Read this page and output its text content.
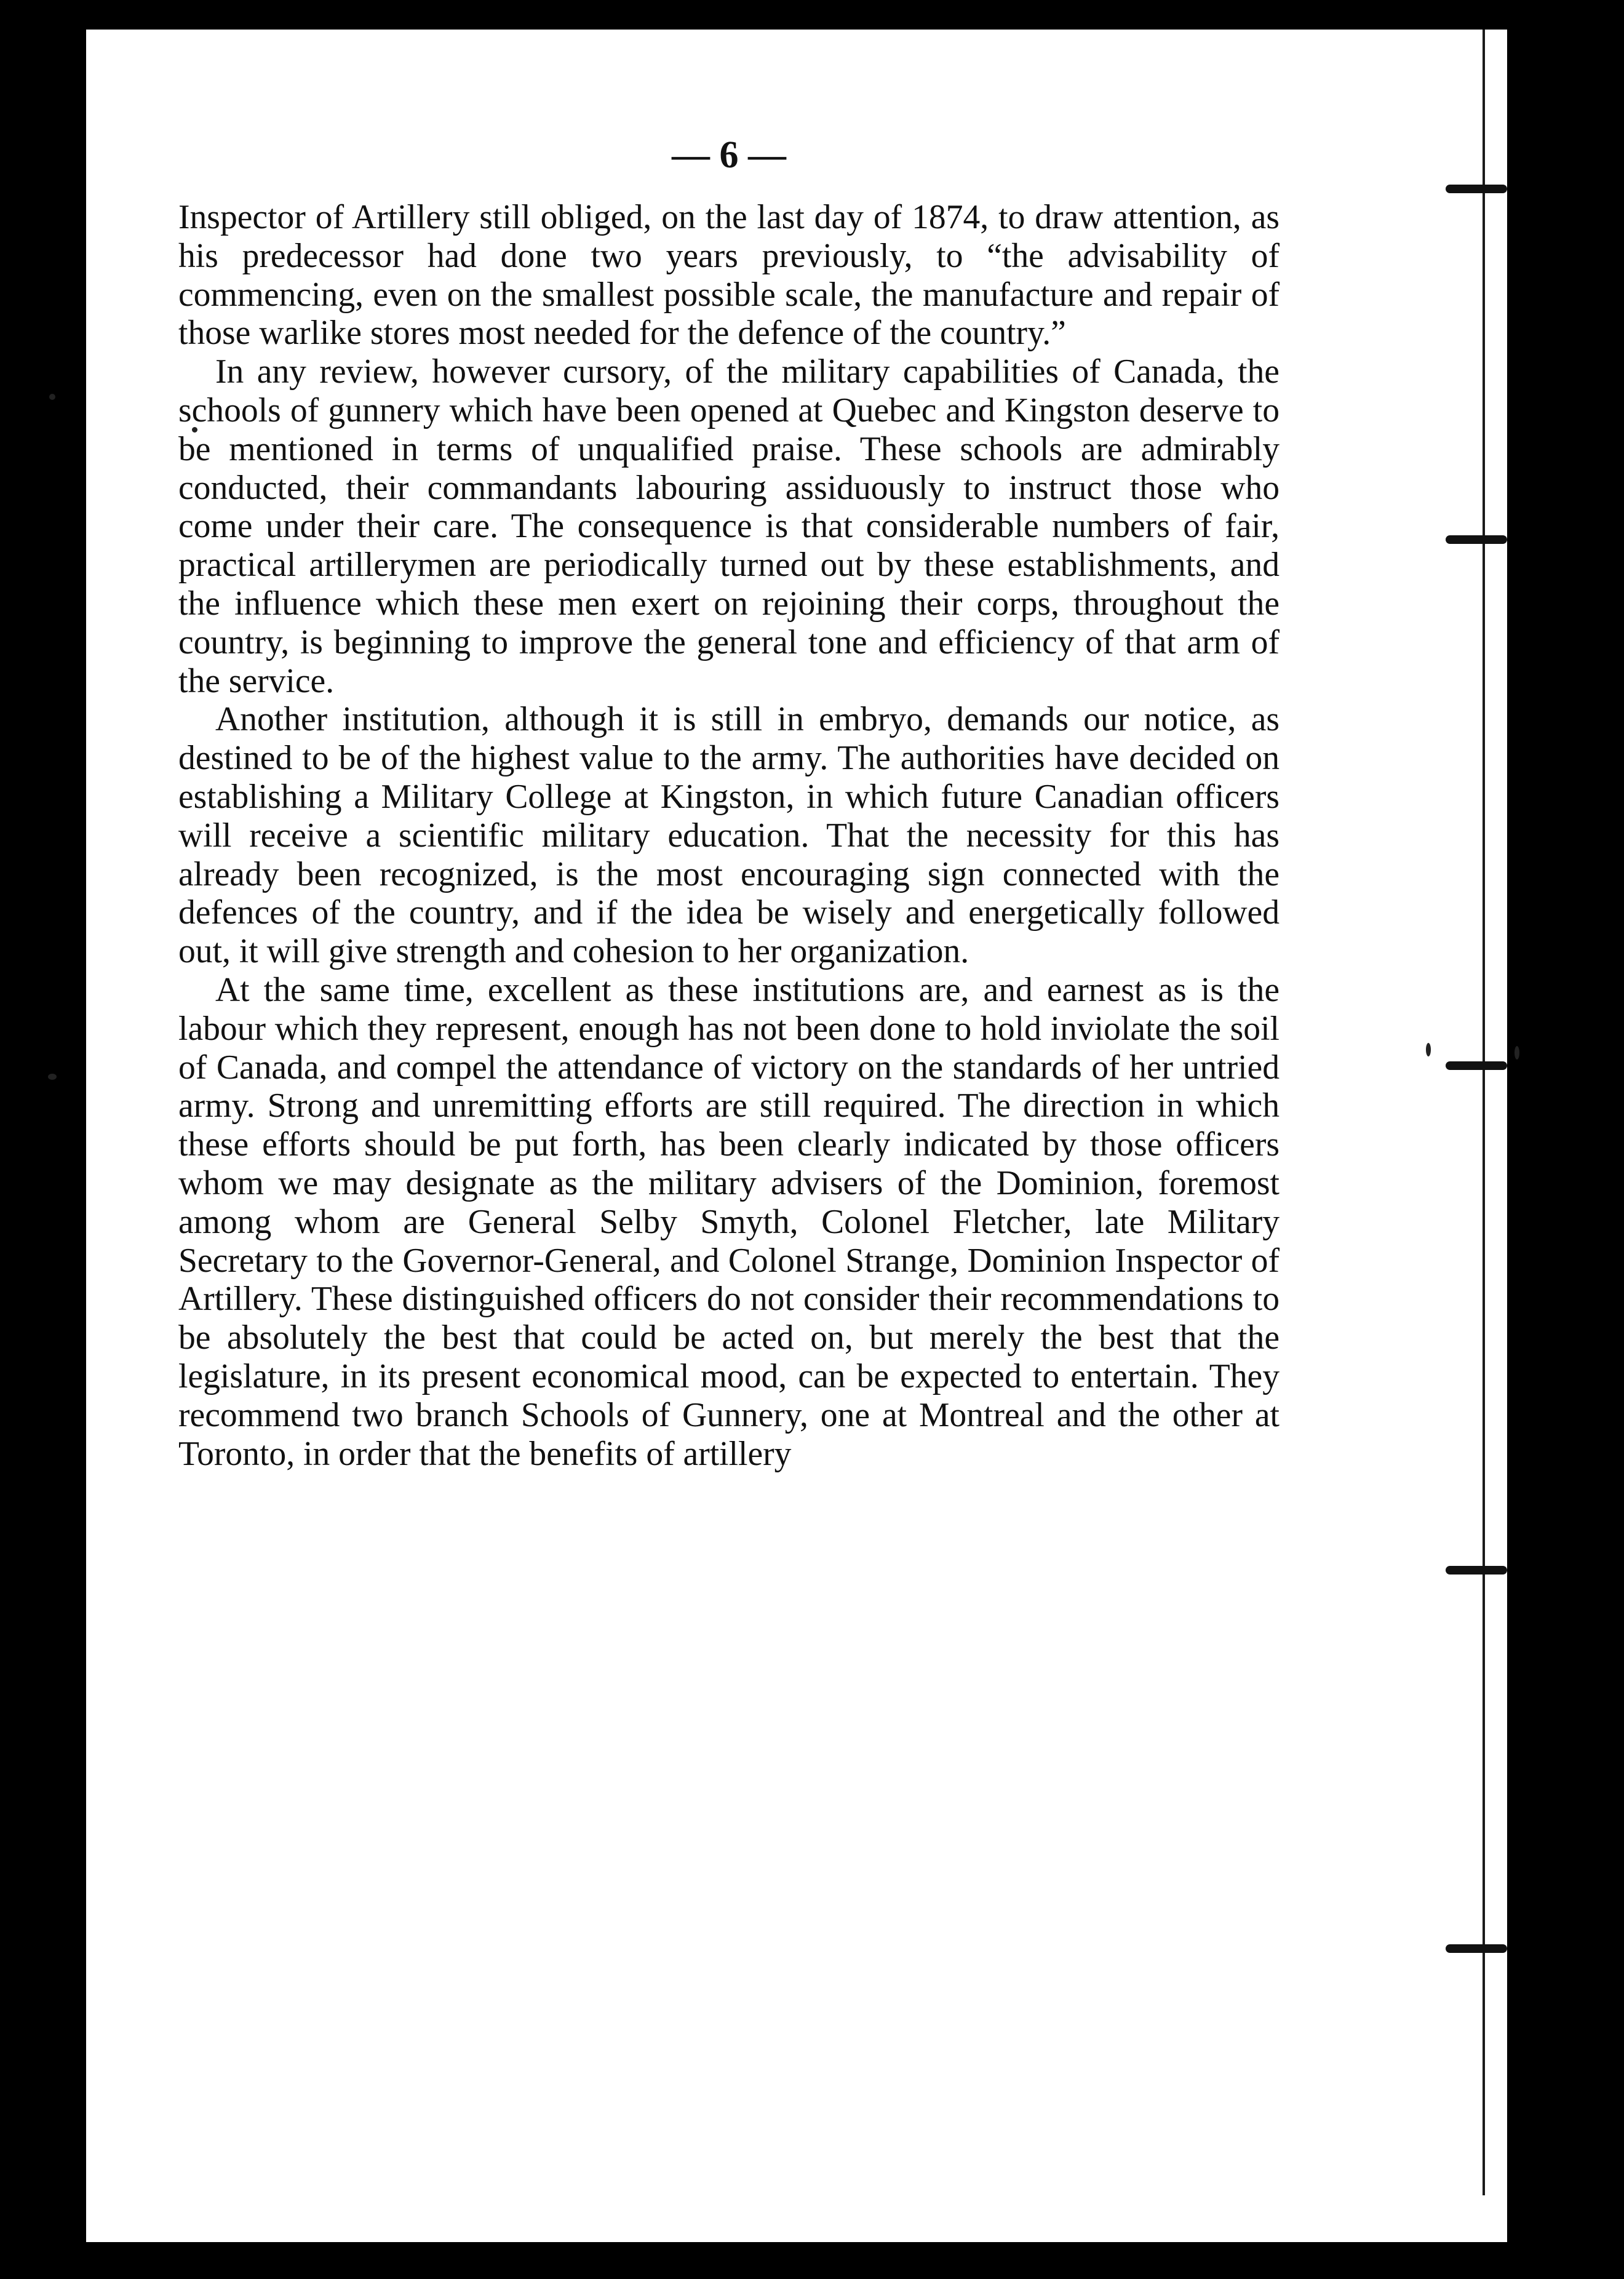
— 6 —

Inspector of Artillery still obliged, on the last day of 1874, to draw attention, as his predecessor had done two years previously, to “the advisability of commencing, even on the smallest possible scale, the manufacture and repair of those warlike stores most needed for the defence of the country.”

In any review, however cursory, of the military capabilities of Canada, the schools of gunnery which have been opened at Quebec and Kingston deserve to be mentioned in terms of unqualified praise. These schools are admirably conducted, their commandants labouring assiduously to instruct those who come under their care. The consequence is that considerable numbers of fair, practical artillerymen are periodically turned out by these establishments, and the influence which these men exert on rejoining their corps, throughout the country, is beginning to improve the general tone and efficiency of that arm of the service.

Another institution, although it is still in embryo, demands our notice, as destined to be of the highest value to the army. The authorities have decided on establishing a Military College at Kingston, in which future Canadian officers will receive a scientific military education. That the necessity for this has already been recognized, is the most encouraging sign connected with the defences of the country, and if the idea be wisely and energetically followed out, it will give strength and cohesion to her organization.

At the same time, excellent as these institutions are, and earnest as is the labour which they represent, enough has not been done to hold inviolate the soil of Canada, and compel the attendance of victory on the standards of her untried army. Strong and unremitting efforts are still required. The direction in which these efforts should be put forth, has been clearly indicated by those officers whom we may designate as the military advisers of the Dominion, foremost among whom are General Selby Smyth, Colonel Fletcher, late Military Secretary to the Governor-General, and Colonel Strange, Dominion Inspector of Artillery. These distinguished officers do not consider their recommendations to be absolutely the best that could be acted on, but merely the best that the legislature, in its present economical mood, can be expected to entertain. They recommend two branch Schools of Gunnery, one at Montreal and the other at Toronto, in order that the benefits of artillery
